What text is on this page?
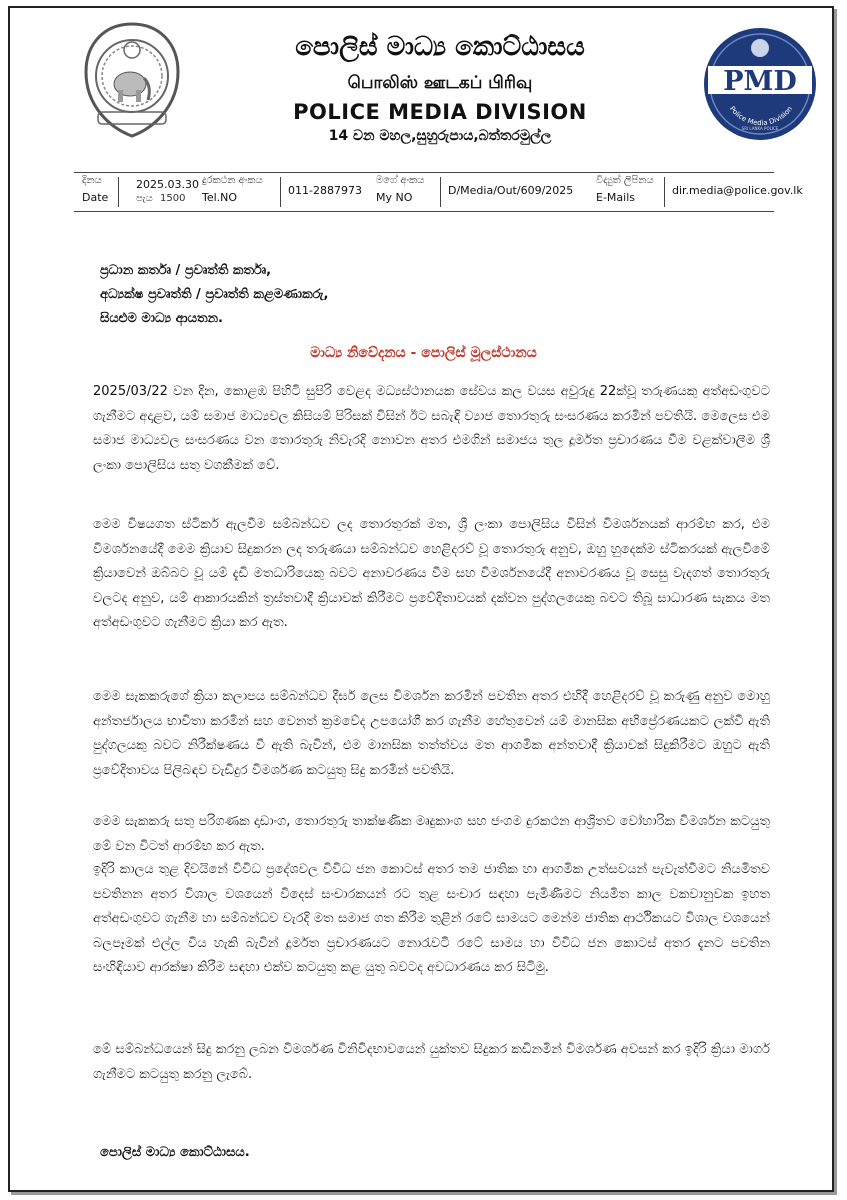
PMD
Police Media Division
SRI LANKA POLICE
පොලිස් මාධ්‍ය කොට්ඨාසය
பொலிஸ் ஊடகப் பிரிவு
POLICE MEDIA DIVISION
14 වන මහල,සුහුරුපාය,බත්තරමුල්ල
දිනය
Date
2025.03.30
පැය 1500
දුරකථන අංකය
Tel.NO
011-2887973
මගේ අංකය
My NO
D/Media/Out/609/2025
විද්‍යුත් ලිපිනය
E-Mails
dir.media@police.gov.lk
ප්‍රධාන කර්තෘ / ප්‍රවෘත්ති කර්තෘ,
අධ්‍යක්ෂ ප්‍රවෘත්ති / ප්‍රවෘත්ති කළමණාකරු,
සියළුම මාධ්‍ය ආයතන.
මාධ්‍ය නිවේදනය - පොලිස් මූලස්ථානය
2025/03/22 වන දින, කොළඹ පිහිටි සුපිරි වෙළද මධ්‍යස්ථානයක සේවය කල වයස අවුරුදු 22ක්වූ තරුණයකු අත්අඩංගුවට ගැනීමට අදාළව, යම් සමාජ මාධ්‍යවල කිසියම් පිරිසක් විසින් ඊට සබැඳි ව්‍යාජ තොරතුරු සංසරණය කරමින් පවතියි. මෙලෙස එම සමාජ මාධ්‍යවල සංසරණය වන තොරතුරු නිවැරදි නොවන අතර එමගින් සමාජය තුල දූර්මත ප්‍රචාරණය වීම වළක්වාලීම ශ්‍රී ලංකා පොලිසිය සතු වගකීමක් වේ.
මෙම විෂයගත ස්ටිකර් ඇලවීම සම්බන්ධව ලද තොරතුරක් මත, ශ්‍රී ලංකා පොලිසිය විසින් විමර්ශනයක් ආරම්භ කර, එම විමර්ශනයේදී මෙම ක්‍රියාව සිදුකරන ලද තරුණයා සම්බන්ධව හෙළිදරව් වූ තොරතුරු අනුව, ඔහු හුදෙක්ම ස්ටිකරයක් ඇලවීමේ ක්‍රියාවෙන් ඔබ්බට වූ යම් දැඩි මතධාරියෙකු බවට අනාවරණය වීම සහ විමර්ශනයේදී අනාවරණය වූ සෙසු වැදගත් තොරතුරු වලටද අනුව, යම් ආකාරයකින් ත්‍රස්තවාදී ක්‍රියාවක් කිරීමට ප්‍රවේදිතාවයක් දක්වන පුද්ගලයෙකු බවට තිබූ සාධාරණ සැකය මත අත්අඩංගුවට ගැනීමට ක්‍රියා කර ඇත.
මෙම සැකකරුගේ ක්‍රියා කලාපය සම්බන්ධව දීර්ඝ ලෙස විමර්ශන කරමින් පවතින අතර එහිදී හෙළිදරව් වූ කරුණු අනුව මොහු අන්තර්ජාලය භාවිතා කරමින් සහ වෙනත් ක්‍රමවේද උපයෝගී කර ගැනීම හේතුවෙන් යම් මානසික අභිප්‍රේරණයකට ලක්වී ඇති පුද්ගලයකු බවට නිරීක්ෂණය වී ඇති බැවින්, එම මානසික තත්ත්වය මත ආගමික අන්තවාදී ක්‍රියාවක් සිදුකිරීමට ඔහුට ඇති ප්‍රවේදිතාවය පිලිබඳව වැඩිදුර විමර්ශණ කටයුතු සිදු කරමින් පවතියි.
මෙම සැකකරු සතු පරිගණක දෘඩාංග, තොරතුරු තාක්ෂණික මෘදුකාංග සහ ජංගම දුරකථන ආශ්‍රිතව වෝහාරික විමර්ශන කටයුතු මේ වන විටත් ආරම්භ කර ඇත.
ඉදිරි කාලය තුළ දිවයිනේ විවිධ ප්‍රදේශවල විවිධ ජන කොටස් අතර තම ජාතික හා ආගමික උත්සවයන් පැවැත්වීමට නියමිතව පවතිනන අතර විශාල වශයෙන් විදෙස් සංචාරකයන් රට තුළ සංචාර සඳහා පැමිණීමට නියමිත කාල වකවානුවක ඉහත අත්අඩංගුවට ගැනීම හා සම්බන්ධව වැරදි මත සමාජ ගත කිරීම තුළින් රටේ සාමයට මෙන්ම ජාතික ආර්ථිකයට විශාල වශයෙන් බලපෑමක් එල්ල විය හැකි බැවින් දූර්මත ප්‍රචාරණයට නොරැවටී රටේ සාමය හා විවිධ ජන කොටස් අතර දැනට පවතින සංහිඳියාව ආරක්ෂා කිරීම සඳහා එක්ව කටයුතු කළ යුතු බවටද අවධාරණය කර සිටිමු.
මේ සම්බන්ධයෙන් සිදු කරනු ලබන විමර්ශණ විනිවිදභාවයෙන් යුක්තව සිදුකර කඩිනමින් විමර්ශණ අවසන් කර ඉදිරි ක්‍රියා මාර්ග ගැනීමට කටයුතු කරනු ලැබේ.
පොලිස් මාධ්‍ය කොට්ඨාසය.
